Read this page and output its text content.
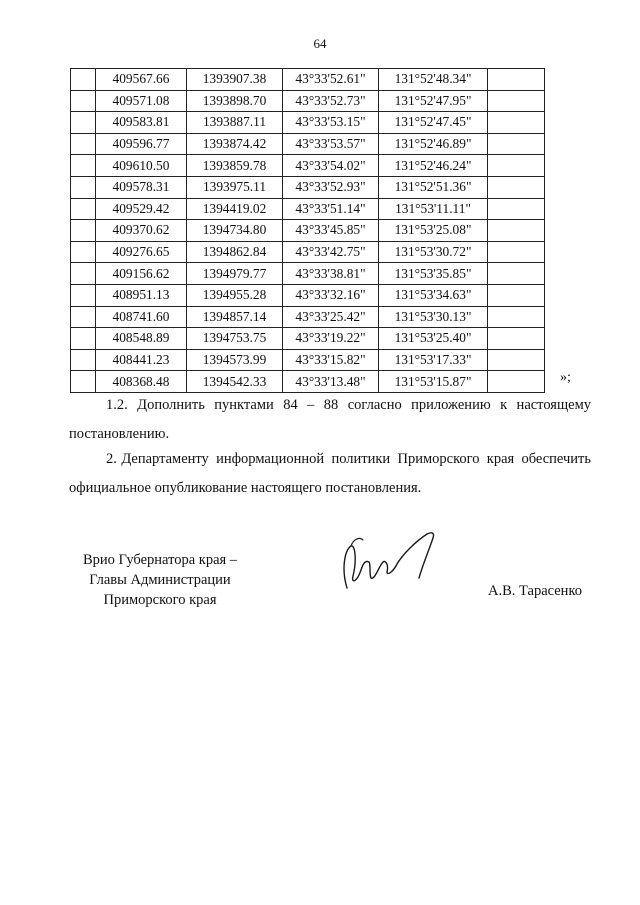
64
	409567.66	1393907.38	43°33'52.61"	131°52'48.34"	
	409571.08	1393898.70	43°33'52.73"	131°52'47.95"	
	409583.81	1393887.11	43°33'53.15"	131°52'47.45"	
	409596.77	1393874.42	43°33'53.57"	131°52'46.89"	
	409610.50	1393859.78	43°33'54.02"	131°52'46.24"	
	409578.31	1393975.11	43°33'52.93"	131°52'51.36"	
	409529.42	1394419.02	43°33'51.14"	131°53'11.11"	
	409370.62	1394734.80	43°33'45.85"	131°53'25.08"	
	409276.65	1394862.84	43°33'42.75"	131°53'30.72"	
	409156.62	1394979.77	43°33'38.81"	131°53'35.85"	
	408951.13	1394955.28	43°33'32.16"	131°53'34.63"	
	408741.60	1394857.14	43°33'25.42"	131°53'30.13"	
	408548.89	1394753.75	43°33'19.22"	131°53'25.40"	
	408441.23	1394573.99	43°33'15.82"	131°53'17.33"	
	408368.48	1394542.33	43°33'13.48"	131°53'15.87"		»;

1.2. Дополнить пунктами 84 – 88 согласно приложению к настоящему постановлению.

2. Департаменту информационной политики Приморского края обеспечить официальное опубликование настоящего постановления.

Врио Губернатора края –
Главы Администрации
Приморского края
А.В. Тарасенко
